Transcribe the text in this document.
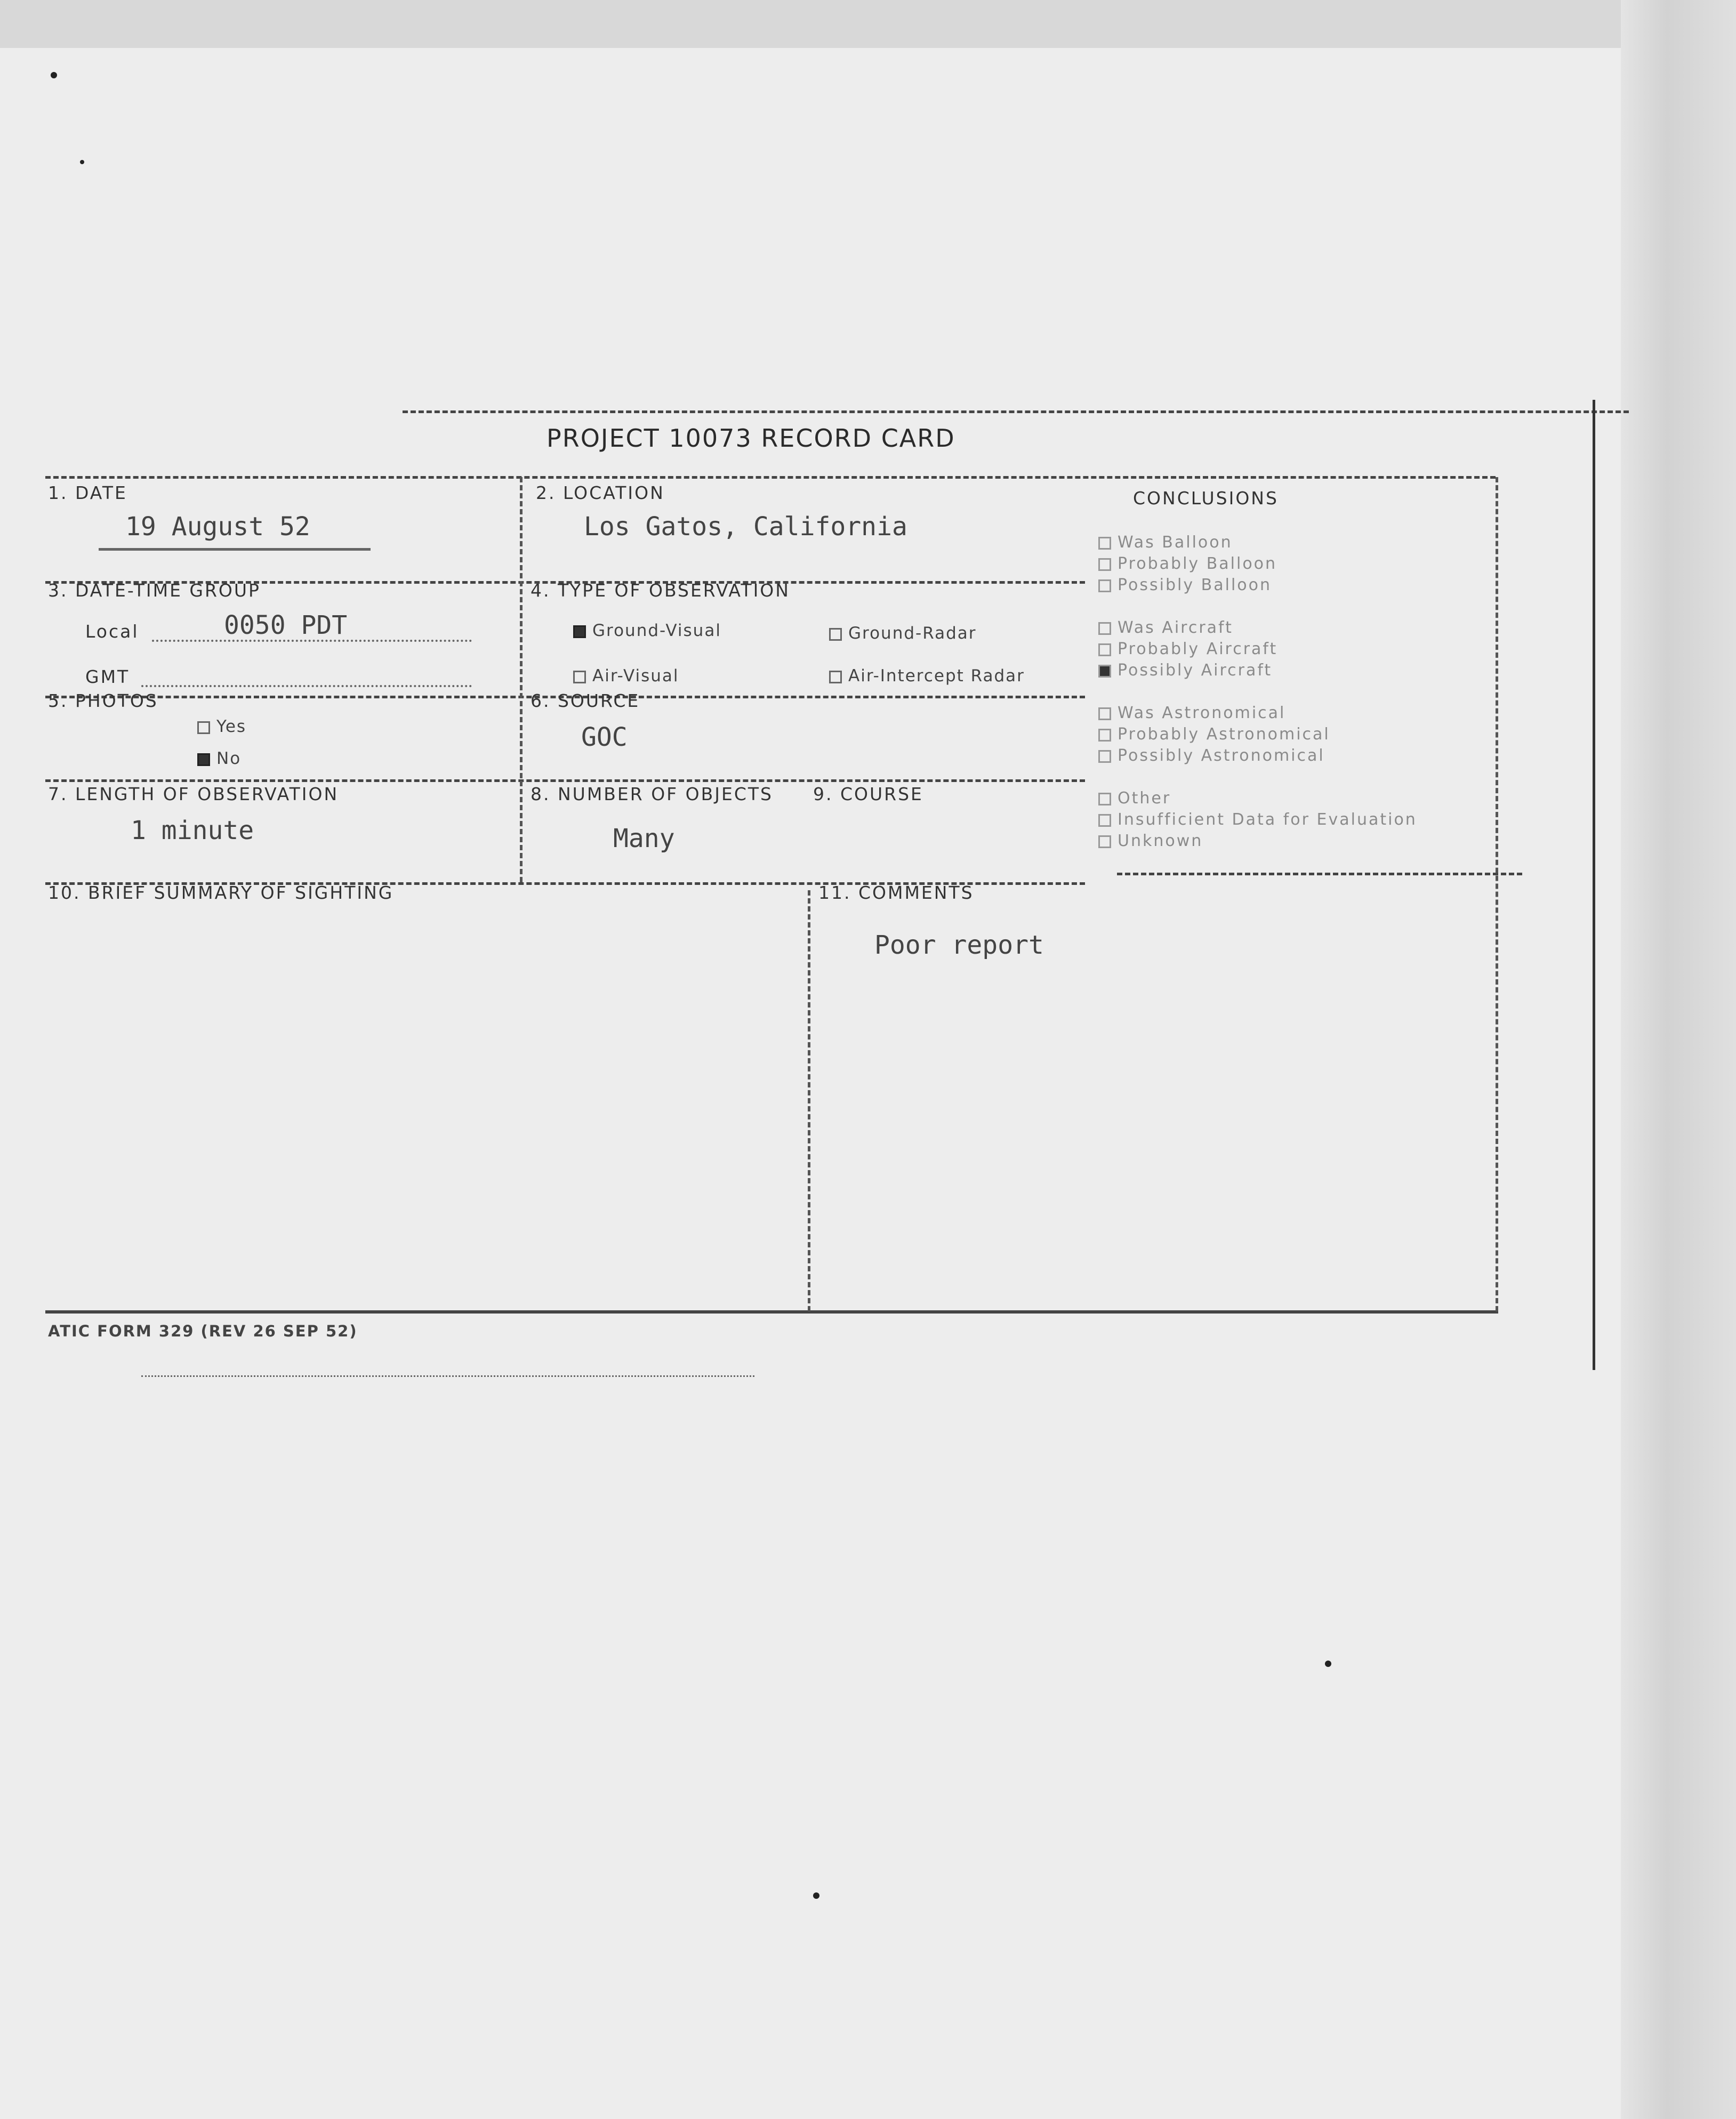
PROJECT 10073 RECORD CARD
1. DATE
19 August 52
2. LOCATION
Los Gatos, California
3. DATE-TIME GROUP
Local	0050 PDT
GMT
4. TYPE OF OBSERVATION
Ground-Visual	Ground-Radar
Air-Visual	Air-Intercept Radar
5. PHOTOS
Yes
No
6. SOURCE
GOC
7. LENGTH OF OBSERVATION
1 minute
8. NUMBER OF OBJECTS
Many
9. COURSE
CONCLUSIONS
Was Balloon
Probably Balloon
Possibly Balloon
Was Aircraft
Probably Aircraft
Possibly Aircraft
Was Astronomical
Probably Astronomical
Possibly Astronomical
Other
Insufficient Data for Evaluation
Unknown
10. BRIEF SUMMARY OF SIGHTING	11. COMMENTS
Poor report
ATIC FORM 329 (REV 26 SEP 52)
